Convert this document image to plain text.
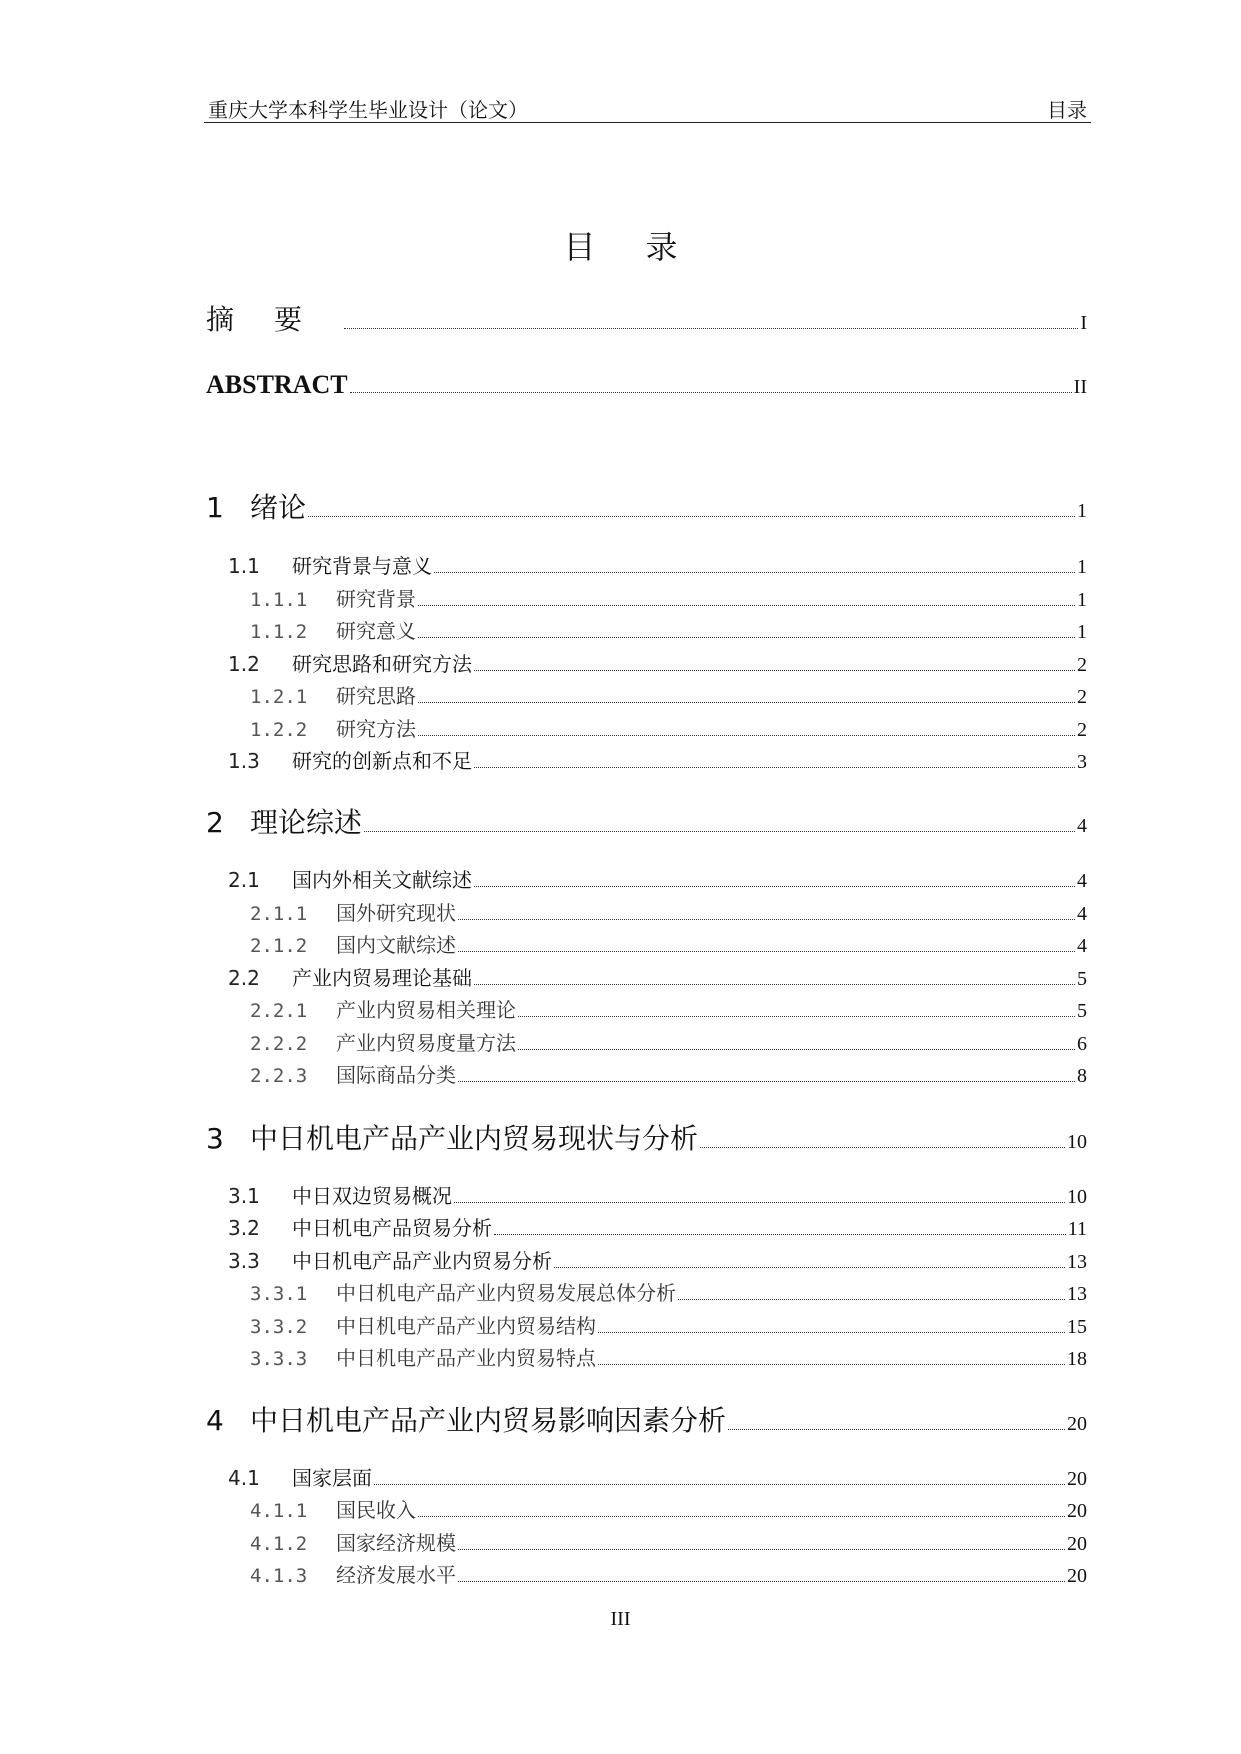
重庆大学本科学生毕业设计（论文）	目录
目录
摘要	I
ABSTRACT	II
1 绪论	1
1.1	研究背景与意义	1
1.1.1	研究背景	1
1.1.2	研究意义	1
1.2	研究思路和研究方法	2
1.2.1	研究思路	2
1.2.2	研究方法	2
1.3	研究的创新点和不足	3
2 理论综述	4
2.1	国内外相关文献综述	4
2.1.1	国外研究现状	4
2.1.2	国内文献综述	4
2.2	产业内贸易理论基础	5
2.2.1	产业内贸易相关理论	5
2.2.2	产业内贸易度量方法	6
2.2.3	国际商品分类	8
3 中日机电产品产业内贸易现状与分析	10
3.1	中日双边贸易概况	10
3.2	中日机电产品贸易分析	11
3.3	中日机电产品产业内贸易分析	13
3.3.1	中日机电产品产业内贸易发展总体分析	13
3.3.2	中日机电产品产业内贸易结构	15
3.3.3	中日机电产品产业内贸易特点	18
4 中日机电产品产业内贸易影响因素分析	20
4.1	国家层面	20
4.1.1	国民收入	20
4.1.2	国家经济规模	20
4.1.3	经济发展水平	20
III
